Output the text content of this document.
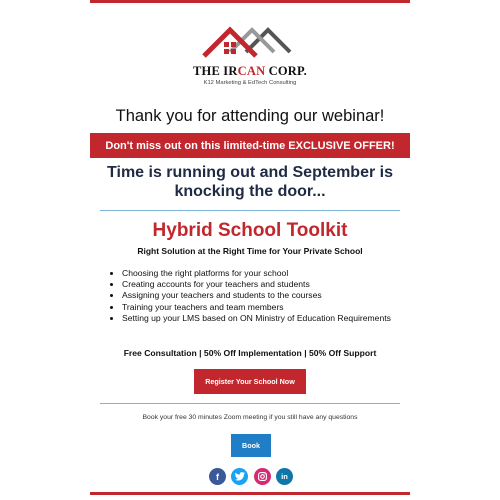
THE IRCAN CORP.
K12 Marketing & EdTech Consulting
Thank you for attending our webinar!
Don't miss out on this limited-time EXCLUSIVE OFFER!
Time is running out and September is knocking the door...
Hybrid School Toolkit
Right Solution at the Right Time for Your Private School
• Choosing the right platforms for your school
• Creating accounts for your teachers and students
• Assigning your teachers and students to the courses
• Training your teachers and team members
• Setting up your LMS based on ON Ministry of Education Requirements
Free Consultation | 50% Off Implementation | 50% Off Support
Register Your School Now
Book your free 30 minutes Zoom meeting if you still have any questions
Book
f	in
